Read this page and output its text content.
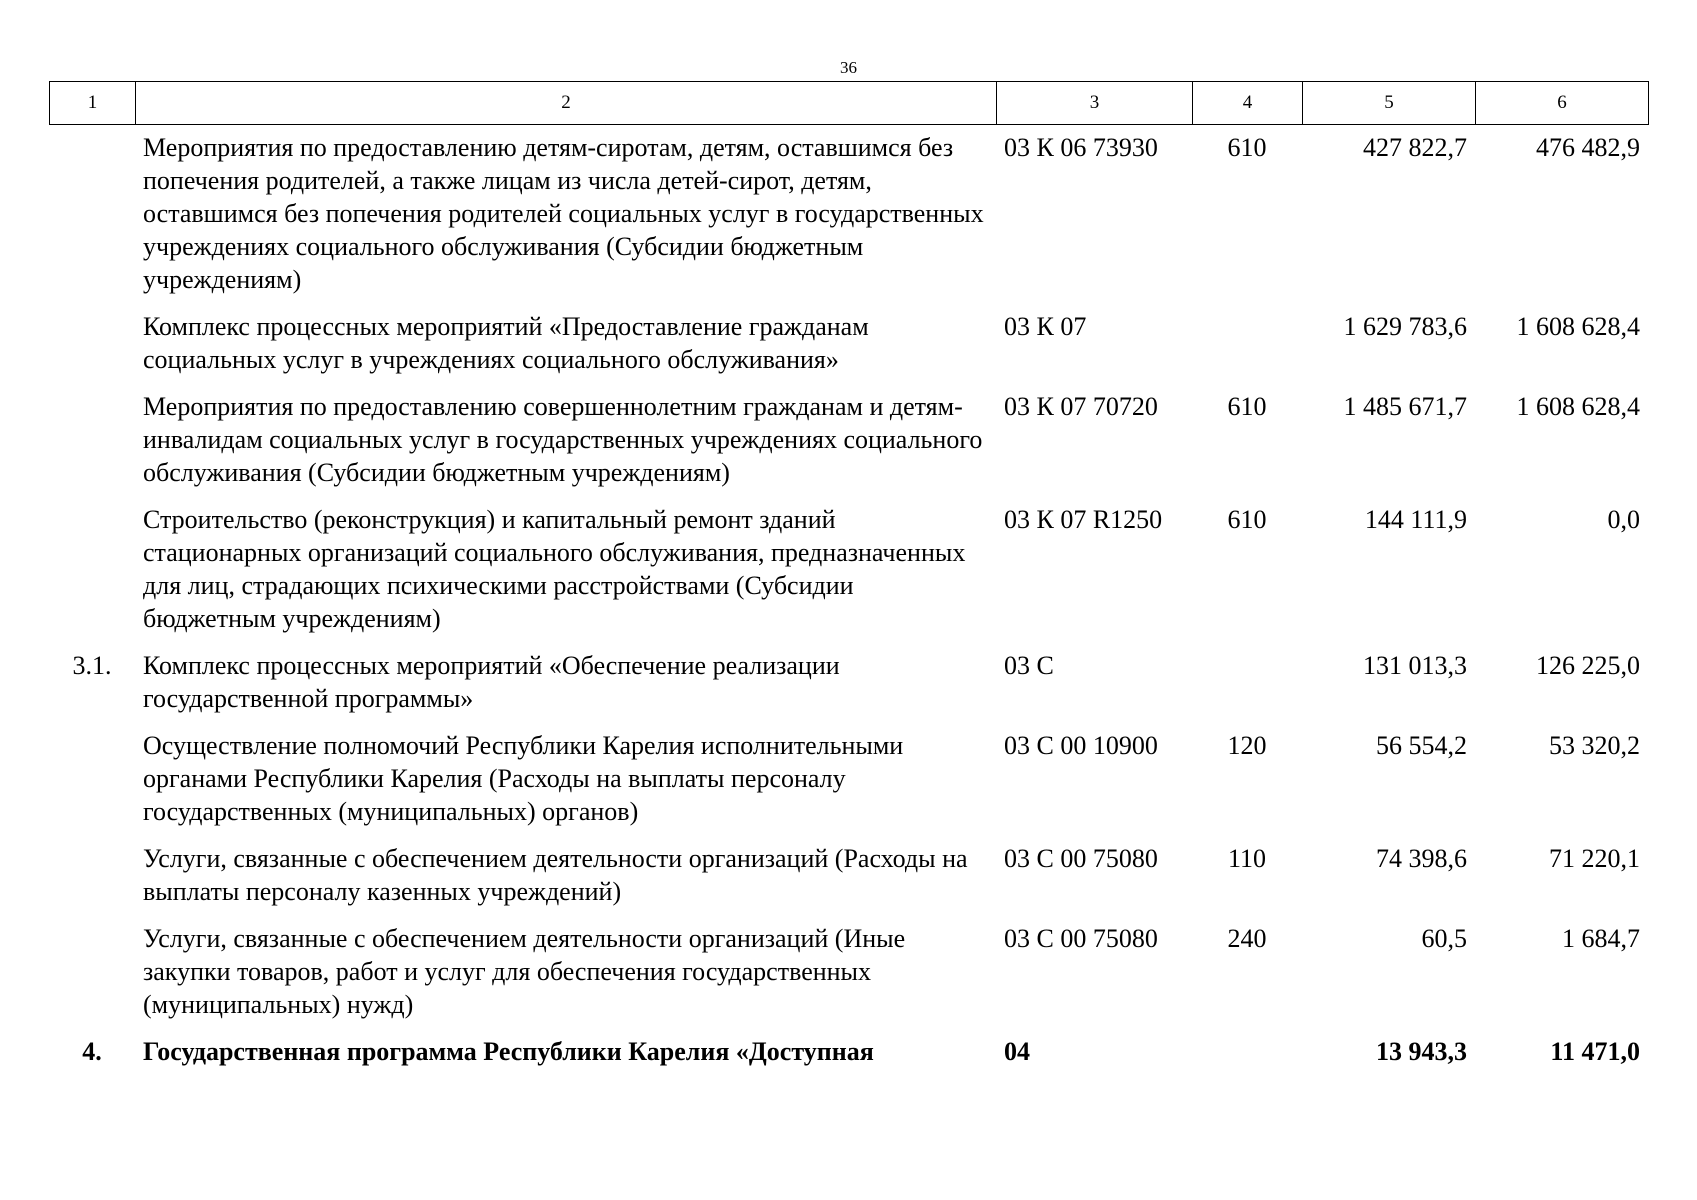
36
1	2	3	4	5	6
	Мероприятия по предоставлению детям-сиротам, детям, оставшимся без попечения родителей, а также лицам из числа детей-сирот, детям, оставшимся без попечения родителей социальных услуг в государственных учреждениях социального обслуживания (Субсидии бюджетным учреждениям)	03 К 06 73930	610	427 822,7	476 482,9
	Комплекс процессных мероприятий «Предоставление гражданам социальных услуг в учреждениях социального обслуживания»	03 К 07		1 629 783,6	1 608 628,4
	Мероприятия по предоставлению совершеннолетним гражданам и детям-инвалидам социальных услуг в государственных учреждениях социального обслуживания (Субсидии бюджетным учреждениям)	03 К 07 70720	610	1 485 671,7	1 608 628,4
	Строительство (реконструкция) и капитальный ремонт зданий стационарных организаций социального обслуживания, предназначенных для лиц, страдающих психическими расстройствами (Субсидии бюджетным учреждениям)	03 К 07 R1250	610	144 111,9	0,0
3.1.	Комплекс процессных мероприятий «Обеспечение реализации государственной программы»	03 С		131 013,3	126 225,0
	Осуществление полномочий Республики Карелия исполнительными органами Республики Карелия (Расходы на выплаты персоналу государственных (муниципальных) органов)	03 С 00 10900	120	56 554,2	53 320,2
	Услуги, связанные с обеспечением деятельности организаций (Расходы на выплаты персоналу казенных учреждений)	03 С 00 75080	110	74 398,6	71 220,1
	Услуги, связанные с обеспечением деятельности организаций (Иные закупки товаров, работ и услуг для обеспечения государственных (муниципальных) нужд)	03 С 00 75080	240	60,5	1 684,7
4.	Государственная программа Республики Карелия «Доступная	04		13 943,3	11 471,0
